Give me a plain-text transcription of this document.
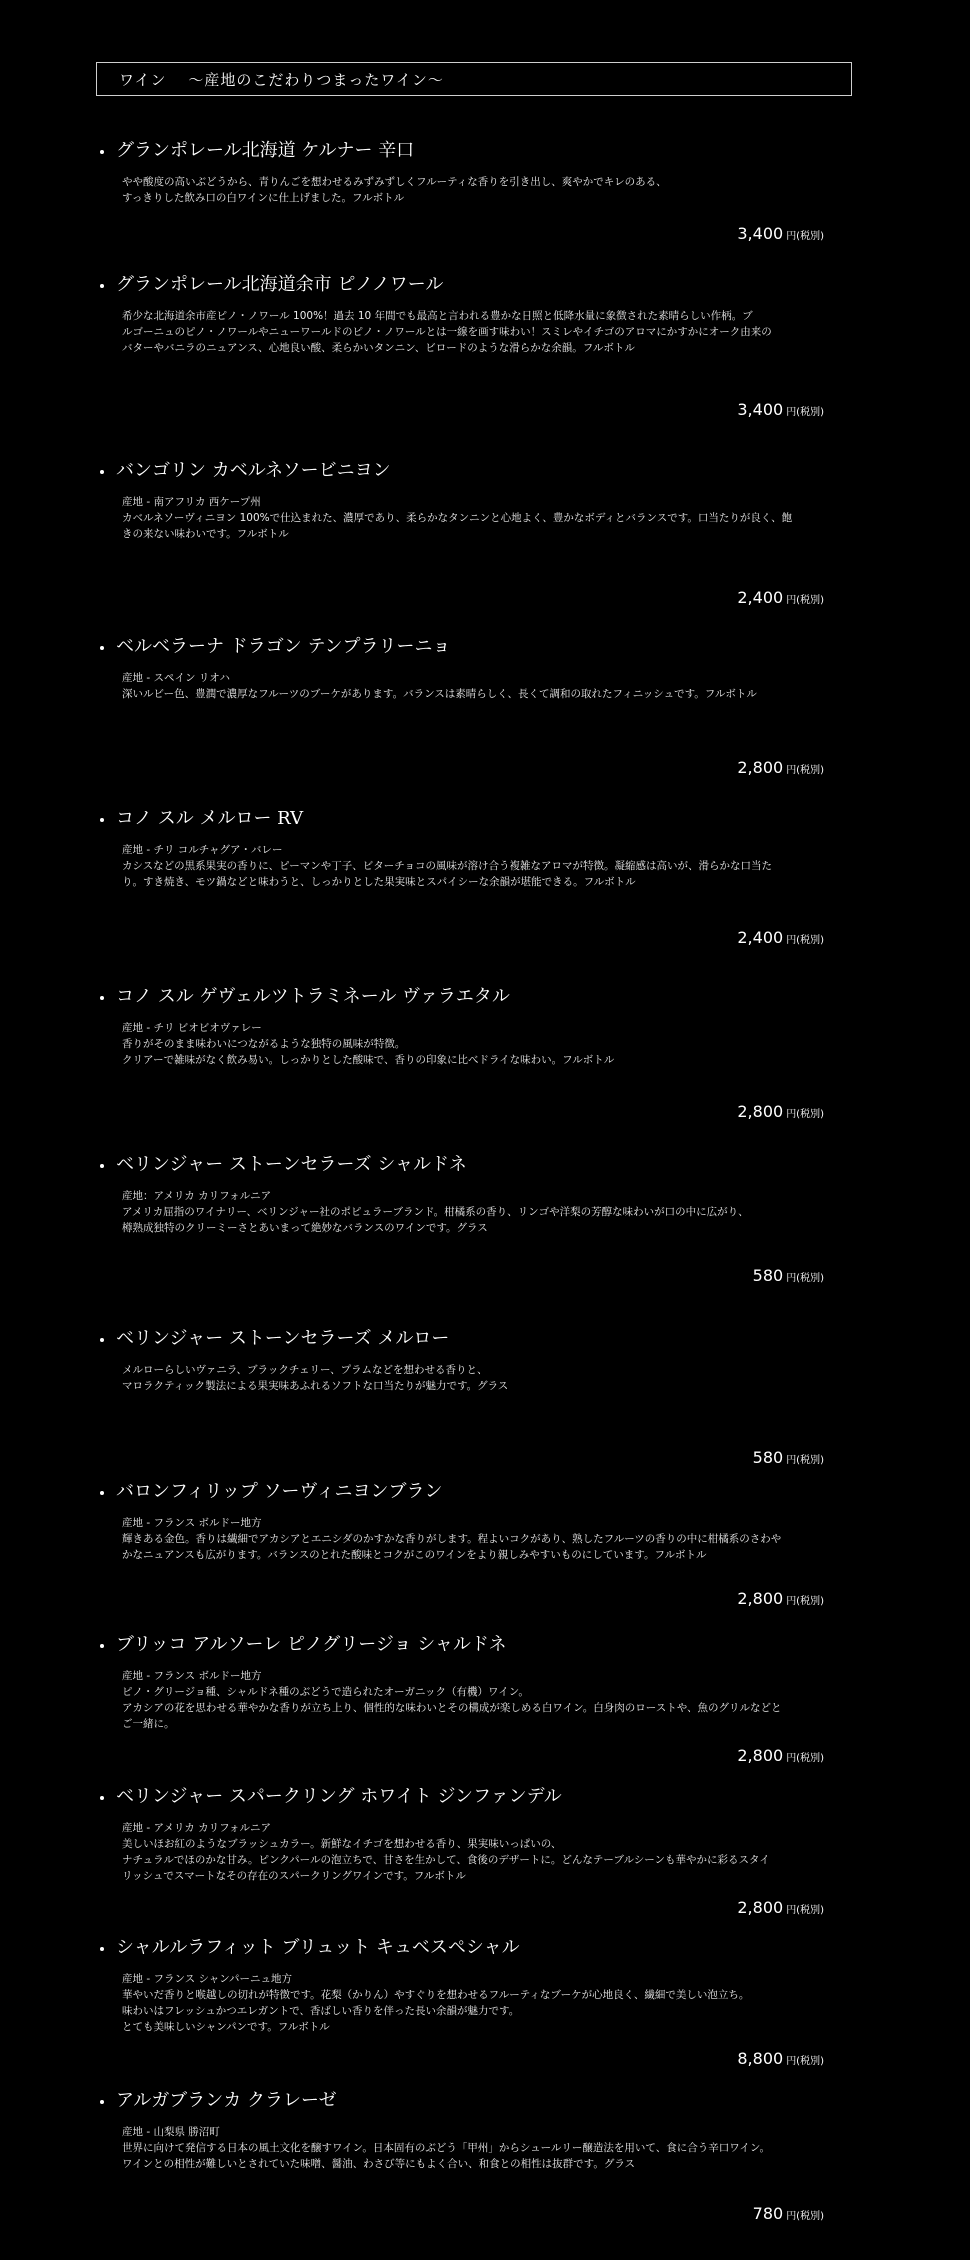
ワイン　 ～産地のこだわりつまったワイン～
グランポレール北海道 ケルナー 辛口
やや酸度の高いぶどうから、青りんごを想わせるみずみずしくフルーティな香りを引き出し、爽やかでキレのある、
すっきりした飲み口の白ワインに仕上げました。フルボトル
3,400 円(税別)
グランポレール北海道余市 ピノノワール
希少な北海道余市産ピノ・ノワール 100%！過去 10 年間でも最高と言われる豊かな日照と低降水量に象徴された素晴らしい作柄。ブ
ルゴーニュのピノ・ノワールやニューワールドのピノ・ノワールとは一線を画す味わい！スミレやイチゴのアロマにかすかにオーク由来の
バターやバニラのニュアンス、心地良い酸、柔らかいタンニン、ビロードのような滑らかな余韻。フルボトル
3,400 円(税別)
バンゴリン カベルネソービニヨン
産地 - 南アフリカ 西ケープ州
カベルネソーヴィニヨン 100%で仕込まれた、濃厚であり、柔らかなタンニンと心地よく、豊かなボディとバランスです。口当たりが良く、飽
きの来ない味わいです。フルボトル
2,400 円(税別)
ベルベラーナ ドラゴン テンプラリーニョ
産地 - スペイン リオハ
深いルビー色、豊潤で濃厚なフルーツのブーケがあります。バランスは素晴らしく、長くて調和の取れたフィニッシュです。フルボトル
2,800 円(税別)
コノ スル メルロー RV
産地 - チリ コルチャグア・バレー
カシスなどの黒系果実の香りに、ピーマンや丁子、ビターチョコの風味が溶け合う複雑なアロマが特徴。凝縮感は高いが、滑らかな口当た
り。すき焼き、モツ鍋などと味わうと、しっかりとした果実味とスパイシーな余韻が堪能できる。フルボトル
2,400 円(税別)
コノ スル ゲヴェルツトラミネール ヴァラエタル
産地 - チリ ビオビオヴァレー
香りがそのまま味わいにつながるような独特の風味が特徴。
クリアーで雑味がなく飲み易い。しっかりとした酸味で、香りの印象に比べドライな味わい。フルボトル
2,800 円(税別)
ベリンジャー ストーンセラーズ シャルドネ
産地：アメリカ カリフォルニア
アメリカ屈指のワイナリー、ベリンジャー社のポピュラーブランド。柑橘系の香り、リンゴや洋梨の芳醇な味わいが口の中に広がり、
樽熟成独特のクリーミーさとあいまって絶妙なバランスのワインです。グラス
580 円(税別)
ベリンジャー ストーンセラーズ メルロー
メルローらしいヴァニラ、ブラックチェリー、プラムなどを想わせる香りと、
マロラクティック製法による果実味あふれるソフトな口当たりが魅力です。グラス
580 円(税別)
バロンフィリップ ソーヴィニヨンブラン
産地 - フランス ボルドー地方
輝きある金色。香りは繊細でアカシアとエニシダのかすかな香りがします。程よいコクがあり、熟したフルーツの香りの中に柑橘系のさわや
かなニュアンスも広がります。バランスのとれた酸味とコクがこのワインをより親しみやすいものにしています。フルボトル
2,800 円(税別)
ブリッコ アルソーレ ピノグリージョ シャルドネ
産地 - フランス ボルドー地方
ピノ・グリージョ種、シャルドネ種のぶどうで造られたオーガニック（有機）ワイン。
アカシアの花を思わせる華やかな香りが立ち上り、個性的な味わいとその構成が楽しめる白ワイン。白身肉のローストや、魚のグリルなどと
ご一緒に。
2,800 円(税別)
ベリンジャー スパークリング ホワイト ジンファンデル
産地 - アメリカ カリフォルニア
美しいほお紅のようなブラッシュカラー。新鮮なイチゴを想わせる香り、果実味いっぱいの、
ナチュラルでほのかな甘み。ピンクパールの泡立ちで、甘さを生かして、食後のデザートに。どんなテーブルシーンも華やかに彩るスタイ
リッシュでスマートなその存在のスパークリングワインです。フルボトル
2,800 円(税別)
シャルルラフィット ブリュット キュベスペシャル
産地 - フランス シャンパーニュ地方
華やいだ香りと喉越しの切れが特徴です。花梨（かりん）やすぐりを想わせるフルーティなブーケが心地良く、繊細で美しい泡立ち。
味わいはフレッシュかつエレガントで、香ばしい香りを伴った長い余韻が魅力です。
とても美味しいシャンパンです。フルボトル
8,800 円(税別)
アルガブランカ クラレーゼ
産地 - 山梨県 勝沼町
世界に向けて発信する日本の風土文化を醸すワイン。日本固有のぶどう「甲州」からシュールリー醸造法を用いて、食に合う辛口ワイン。
ワインとの相性が難しいとされていた味噌、醤油、わさび等にもよく合い、和食との相性は抜群です。グラス
780 円(税別)
